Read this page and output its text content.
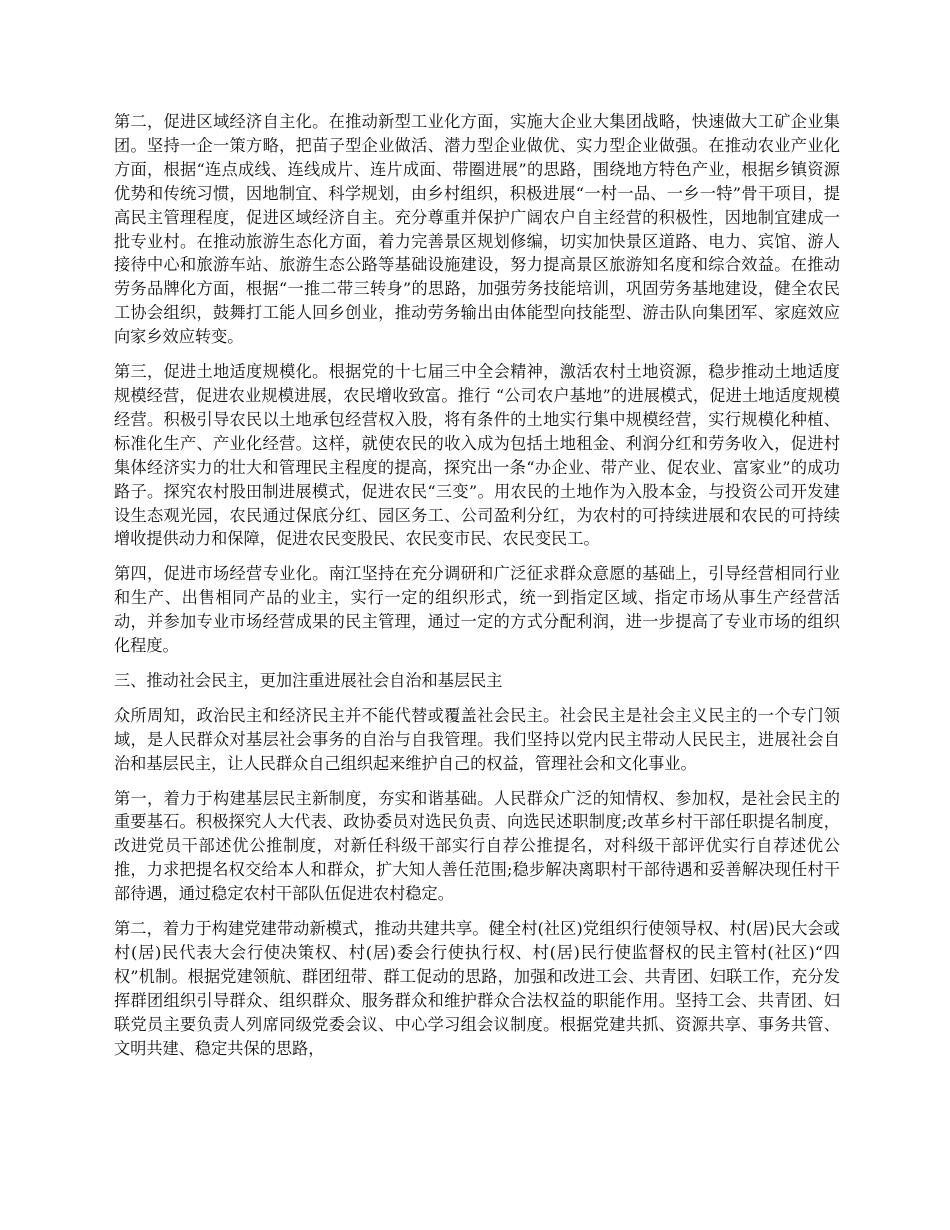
第二，促进区域经济自主化。在推动新型工业化方面，实施大企业大集团战略，快速做大工矿企业集团。坚持一企一策方略，把苗子型企业做活、潜力型企业做优、实力型企业做强。在推动农业产业化方面，根据“连点成线、连线成片、连片成面、带圈进展”的思路，围绕地方特色产业，根据乡镇资源优势和传统习惯，因地制宜、科学规划，由乡村组织，积极进展“一村一品、一乡一特”骨干项目，提高民主管理程度，促进区域经济自主。充分尊重并保护广阔农户自主经营的积极性，因地制宜建成一批专业村。在推动旅游生态化方面，着力完善景区规划修编，切实加快景区道路、电力、宾馆、游人接待中心和旅游车站、旅游生态公路等基础设施建设，努力提高景区旅游知名度和综合效益。在推动劳务品牌化方面，根据“一推二带三转身”的思路，加强劳务技能培训，巩固劳务基地建设，健全农民工协会组织，鼓舞打工能人回乡创业，推动劳务输出由体能型向技能型、游击队向集团军、家庭效应向家乡效应转变。

第三，促进土地适度规模化。根据党的十七届三中全会精神，激活农村土地资源，稳步推动土地适度规模经营，促进农业规模进展，农民增收致富。推行 “公司农户基地”的进展模式，促进土地适度规模经营。积极引导农民以土地承包经营权入股，将有条件的土地实行集中规模经营，实行规模化种植、标准化生产、产业化经营。这样，就使农民的收入成为包括土地租金、利润分红和劳务收入，促进村集体经济实力的壮大和管理民主程度的提高，探究出一条“办企业、带产业、促农业、富家业”的成功路子。探究农村股田制进展模式，促进农民“三变”。用农民的土地作为入股本金，与投资公司开发建设生态观光园，农民通过保底分红、园区务工、公司盈利分红，为农村的可持续进展和农民的可持续增收提供动力和保障，促进农民变股民、农民变市民、农民变民工。

第四，促进市场经营专业化。南江坚持在充分调研和广泛征求群众意愿的基础上，引导经营相同行业和生产、出售相同产品的业主，实行一定的组织形式，统一到指定区域、指定市场从事生产经营活动，并参加专业市场经营成果的民主管理，通过一定的方式分配利润，进一步提高了专业市场的组织化程度。

三、推动社会民主，更加注重进展社会自治和基层民主

众所周知，政治民主和经济民主并不能代替或覆盖社会民主。社会民主是社会主义民主的一个专门领域，是人民群众对基层社会事务的自治与自我管理。我们坚持以党内民主带动人民民主，进展社会自治和基层民主，让人民群众自己组织起来维护自己的权益，管理社会和文化事业。

第一，着力于构建基层民主新制度，夯实和谐基础。人民群众广泛的知情权、参加权，是社会民主的重要基石。积极探究人大代表、政协委员对选民负责、向选民述职制度;改革乡村干部任职提名制度，改进党员干部述优公推制度，对新任科级干部实行自荐公推提名，对科级干部评优实行自荐述优公推，力求把提名权交给本人和群众，扩大知人善任范围;稳步解决离职村干部待遇和妥善解决现任村干部待遇，通过稳定农村干部队伍促进农村稳定。

第二，着力于构建党建带动新模式，推动共建共享。健全村(社区)党组织行使领导权、村(居)民大会或村(居)民代表大会行使决策权、村(居)委会行使执行权、村(居)民行使监督权的民主管村(社区)“四权”机制。根据党建领航、群团纽带、群工促动的思路，加强和改进工会、共青团、妇联工作，充分发挥群团组织引导群众、组织群众、服务群众和维护群众合法权益的职能作用。坚持工会、共青团、妇联党员主要负责人列席同级党委会议、中心学习组会议制度。根据党建共抓、资源共享、事务共管、文明共建、稳定共保的思路，
